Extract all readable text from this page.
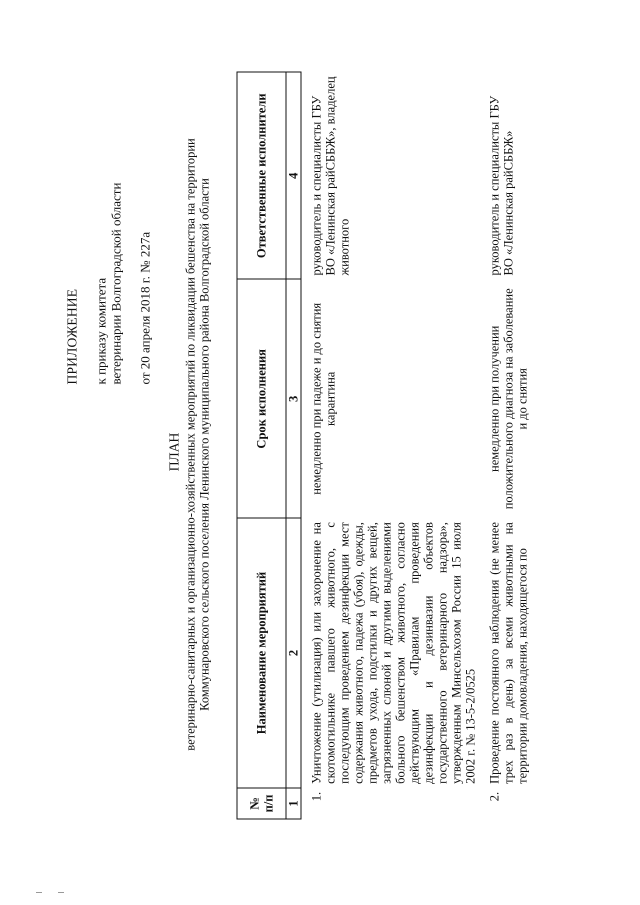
ПРИЛОЖЕНИЕ к приказу комитета ветеринарии Волгоградской области от 20 апреля 2018 г. № 227а
ПЛАН ветеринарно-санитарных и организационно-хозяйственных мероприятий по ликвидации бешенства на территории Коммунаровского сельского поселения Ленинского муниципального района Волгоградской области
№ п/п	Наименование мероприятий	Срок исполнения	Ответственные исполнители
1	2	3	4
1.	Уничтожение (утилизация) или захоронение на скотомогильнике павшего животного, с последующим проведением дезинфекции мест содержания животного, падежа (убоя), одежды, предметов ухода, подстилки и других вещей, загрязненных слюной и другими выделениями больного бешенством животного, согласно действующим «Правилам проведения дезинфекции и дезинвазии объектов государственного ветеринарного надзора», утвержденным Минсельхозом России 15 июля 2002 г. № 13-5-2/0525	немедленно при падеже и до снятия карантина	руководитель и специалисты ГБУ ВО «Ленинская райСББЖ», владелец животного
2.	Проведение постоянного наблюдения (не менее трех раз в день) за всеми животными на территории домовладения, находящегося по	немедленно при получении положительного диагноза на заболевание и до снятия	руководитель и специалисты ГБУ ВО «Ленинская райСББЖ»
